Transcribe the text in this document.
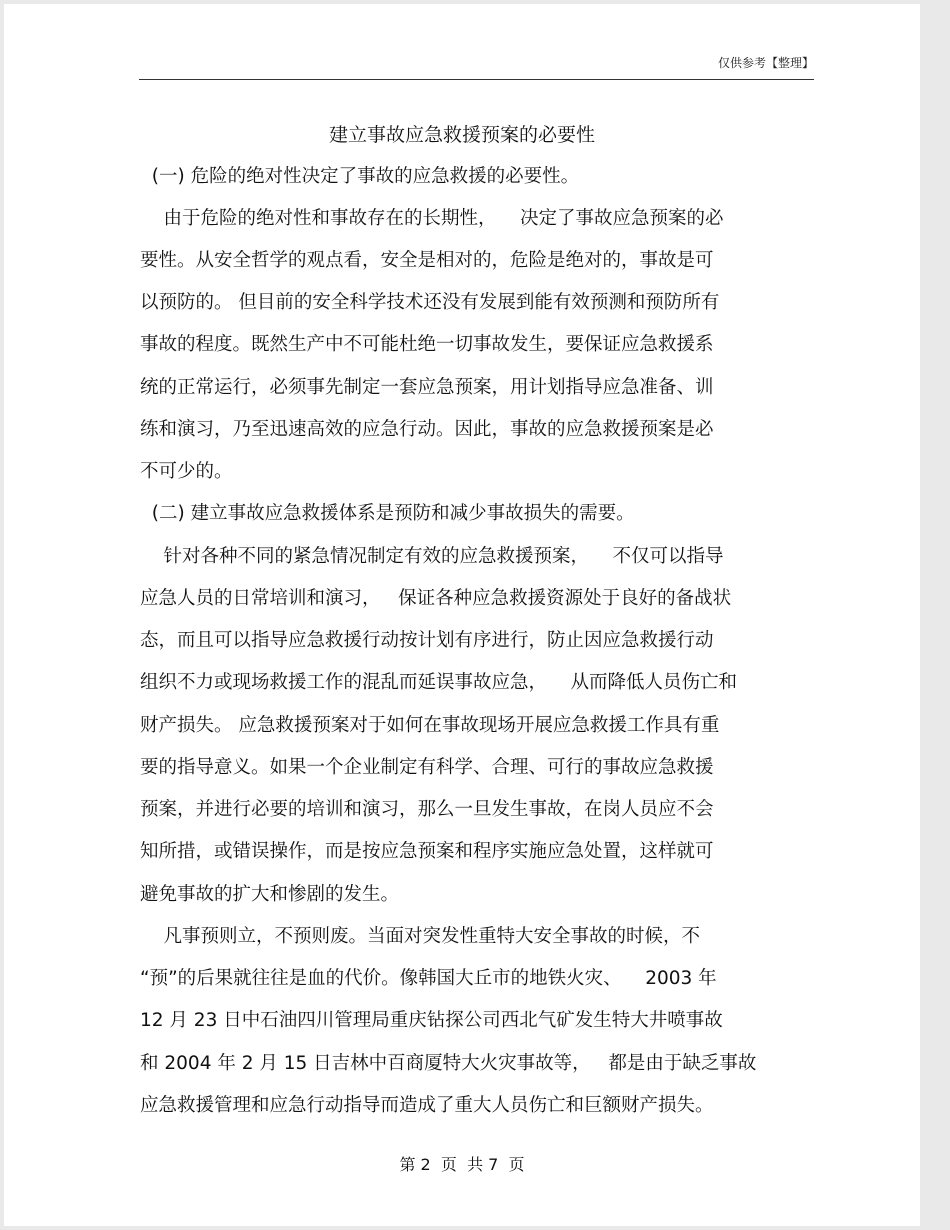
仅供参考【整理】
建立事故应急救援预案的必要性
(一) 危险的绝对性决定了事故的应急救援的必要性。
由于危险的绝对性和事故存在的长期性，    决定了事故应急预案的必
要性。从安全哲学的观点看，安全是相对的，危险是绝对的，事故是可
以预防的。 但目前的安全科学技术还没有发展到能有效预测和预防所有
事故的程度。既然生产中不可能杜绝一切事故发生，要保证应急救援系
统的正常运行，必须事先制定一套应急预案，用计划指导应急准备、训
练和演习，乃至迅速高效的应急行动。因此，事故的应急救援预案是必
不可少的。
(二) 建立事故应急救援体系是预防和减少事故损失的需要。
针对各种不同的紧急情况制定有效的应急救援预案，    不仅可以指导
应急人员的日常培训和演习，   保证各种应急救援资源处于良好的备战状
态，而且可以指导应急救援行动按计划有序进行，防止因应急救援行动
组织不力或现场救援工作的混乱而延误事故应急，    从而降低人员伤亡和
财产损失。 应急救援预案对于如何在事故现场开展应急救援工作具有重
要的指导意义。如果一个企业制定有科学、合理、可行的事故应急救援
预案，并进行必要的培训和演习，那么一旦发生事故，在岗人员应不会
知所措，或错误操作，而是按应急预案和程序实施应急处置，这样就可
避免事故的扩大和惨剧的发生。
凡事预则立，不预则废。当面对突发性重特大安全事故的时候，不
“预”的后果就往往是血的代价。像韩国大丘市的地铁火灾、    2003 年
12 月 23 日中石油四川管理局重庆钻探公司西北气矿发生特大井喷事故
和 2004 年 2 月 15 日吉林中百商厦特大火灾事故等，   都是由于缺乏事故
应急救援管理和应急行动指导而造成了重大人员伤亡和巨额财产损失。
第 2  页  共 7  页
